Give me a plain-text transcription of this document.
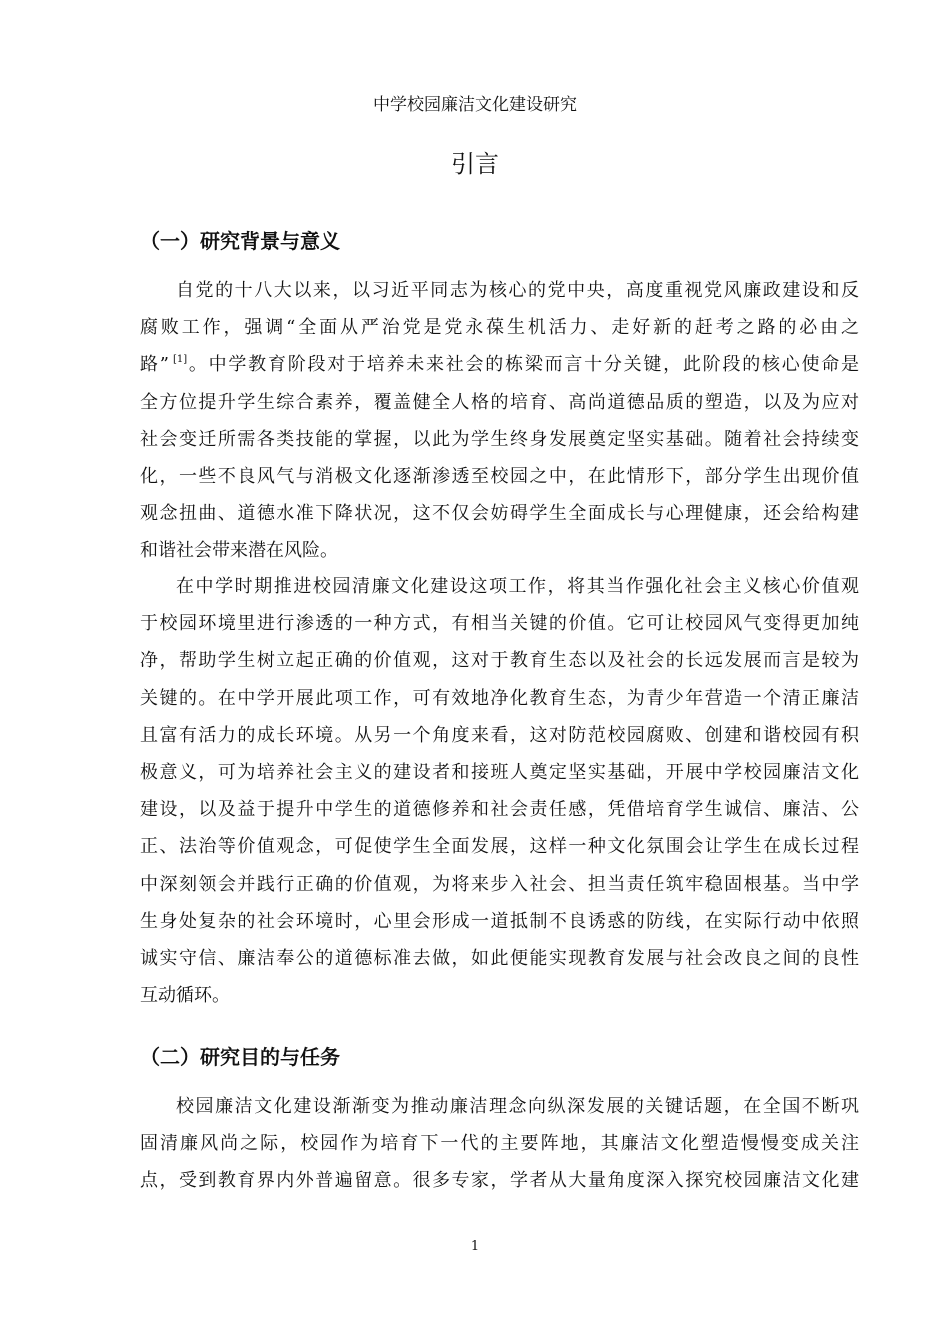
中学校园廉洁文化建设研究
引言
（一）研究背景与意义
自党的十八大以来，以习近平同志为核心的党中央，高度重视党风廉政建设和反
腐败工作，强调“全面从严治党是党永葆生机活力、走好新的赶考之路的必由之
路” [1]。中学教育阶段对于培养未来社会的栋梁而言十分关键，此阶段的核心使命是
全方位提升学生综合素养，覆盖健全人格的培育、高尚道德品质的塑造，以及为应对
社会变迁所需各类技能的掌握，以此为学生终身发展奠定坚实基础。随着社会持续变
化，一些不良风气与消极文化逐渐渗透至校园之中，在此情形下，部分学生出现价值
观念扭曲、道德水准下降状况，这不仅会妨碍学生全面成长与心理健康，还会给构建
和谐社会带来潜在风险。
在中学时期推进校园清廉文化建设这项工作，将其当作强化社会主义核心价值观
于校园环境里进行渗透的一种方式，有相当关键的价值。它可让校园风气变得更加纯
净，帮助学生树立起正确的价值观，这对于教育生态以及社会的长远发展而言是较为
关键的。在中学开展此项工作，可有效地净化教育生态，为青少年营造一个清正廉洁
且富有活力的成长环境。从另一个角度来看，这对防范校园腐败、创建和谐校园有积
极意义，可为培养社会主义的建设者和接班人奠定坚实基础，开展中学校园廉洁文化
建设，以及益于提升中学生的道德修养和社会责任感，凭借培育学生诚信、廉洁、公
正、法治等价值观念，可促使学生全面发展，这样一种文化氛围会让学生在成长过程
中深刻领会并践行正确的价值观，为将来步入社会、担当责任筑牢稳固根基。当中学
生身处复杂的社会环境时，心里会形成一道抵制不良诱惑的防线，在实际行动中依照
诚实守信、廉洁奉公的道德标准去做，如此便能实现教育发展与社会改良之间的良性
互动循环。
（二）研究目的与任务
校园廉洁文化建设渐渐变为推动廉洁理念向纵深发展的关键话题，在全国不断巩
固清廉风尚之际，校园作为培育下一代的主要阵地，其廉洁文化塑造慢慢变成关注
点，受到教育界内外普遍留意。很多专家，学者从大量角度深入探究校园廉洁文化建
1
